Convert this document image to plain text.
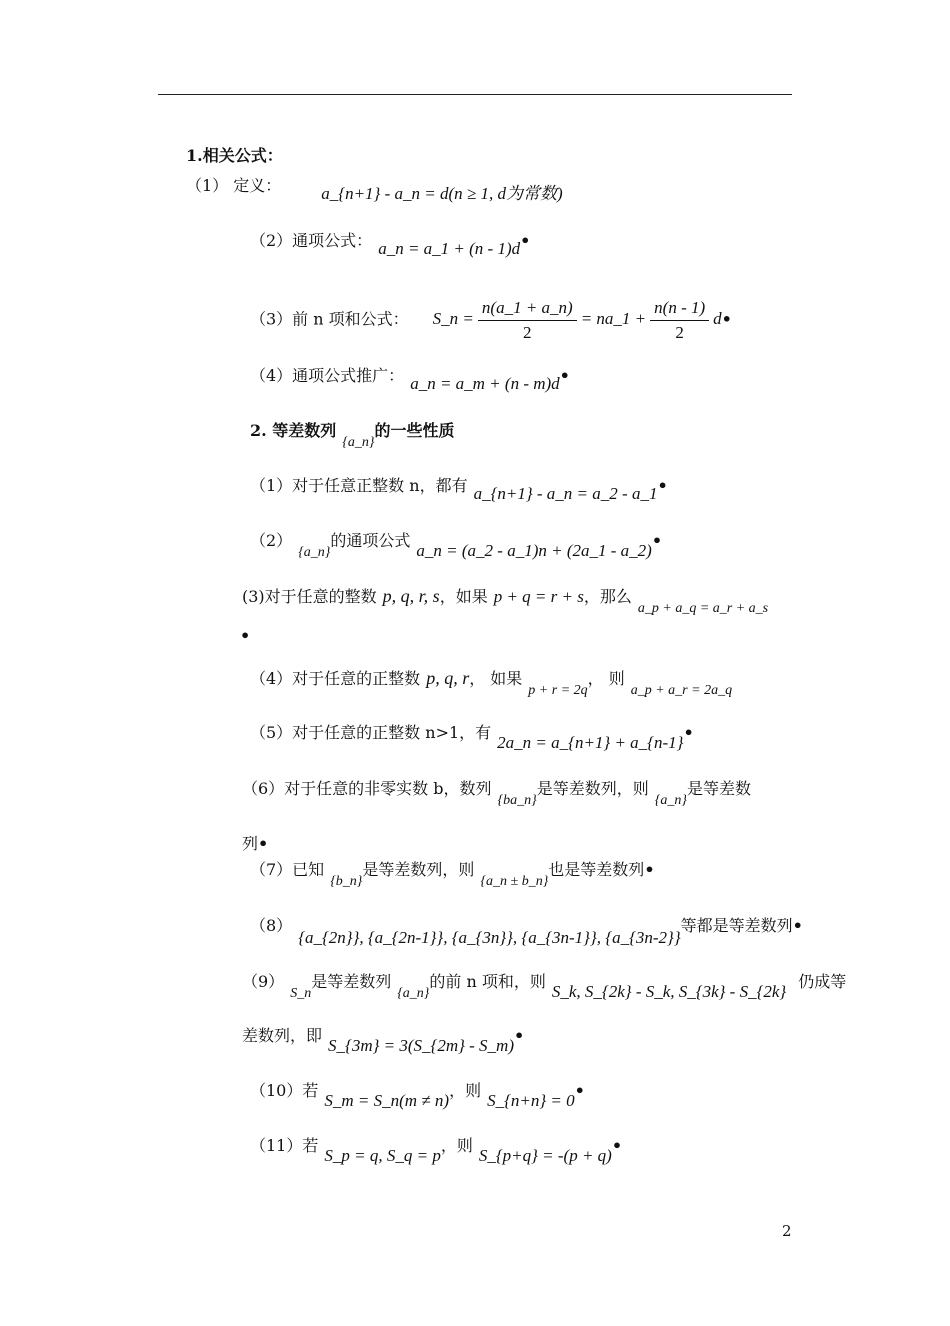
1.相关公式：
（1） 定义： a_{n+1} - a_n = d(n ≥ 1, d为常数)
（2）通项公式： a_n = a_1 + (n - 1)d•
（3）前 n 项和公式： S_n = $\frac{n(a\_1 + a\_n)}{2}$ = na_1 + $\frac{n(n - 1)}{2}$ d•
（4）通项公式推广： a_n = a_m + (n - m)d•
2. 等差数列{a_n}的一些性质
（1）对于任意正整数 n，都有 a_{n+1} - a_n = a_2 - a_1•
（2）{a_n}的通项公式a_n = (a_2 - a_1)n + (2a_1 - a_2)•
(3)对于任意的整数 p, q, r, s，如果 p + q = r + s，那么a_p + a_q = a_r + a_s
•
（4）对于任意的正整数 p, q, r， 如果p + r = 2q， 则a_p + a_r = 2a_q
（5）对于任意的正整数 n>1，有2a_n = a_{n+1} + a_{n-1}•
（6）对于任意的非零实数 b，数列{ba_n}是等差数列，则{a_n}是等差数
列•
（7）已知{b_n}是等差数列，则{a_n ± b_n}也是等差数列•
（8）{a_{2n}}, {a_{2n-1}}, {a_{3n}}, {a_{3n-1}}, {a_{3n-2}}等都是等差数列•
（9）S_n是等差数列{a_n}的前 n 项和，则S_k, S_{2k} - S_k, S_{3k} - S_{2k}仍成等
差数列，即S_{3m} = 3(S_{2m} - S_m)•
（10）若S_m = S_n(m ≠ n)，则S_{n+n} = 0•
（11）若S_p = q, S_q = p，则S_{p+q} = -(p + q)•
2
